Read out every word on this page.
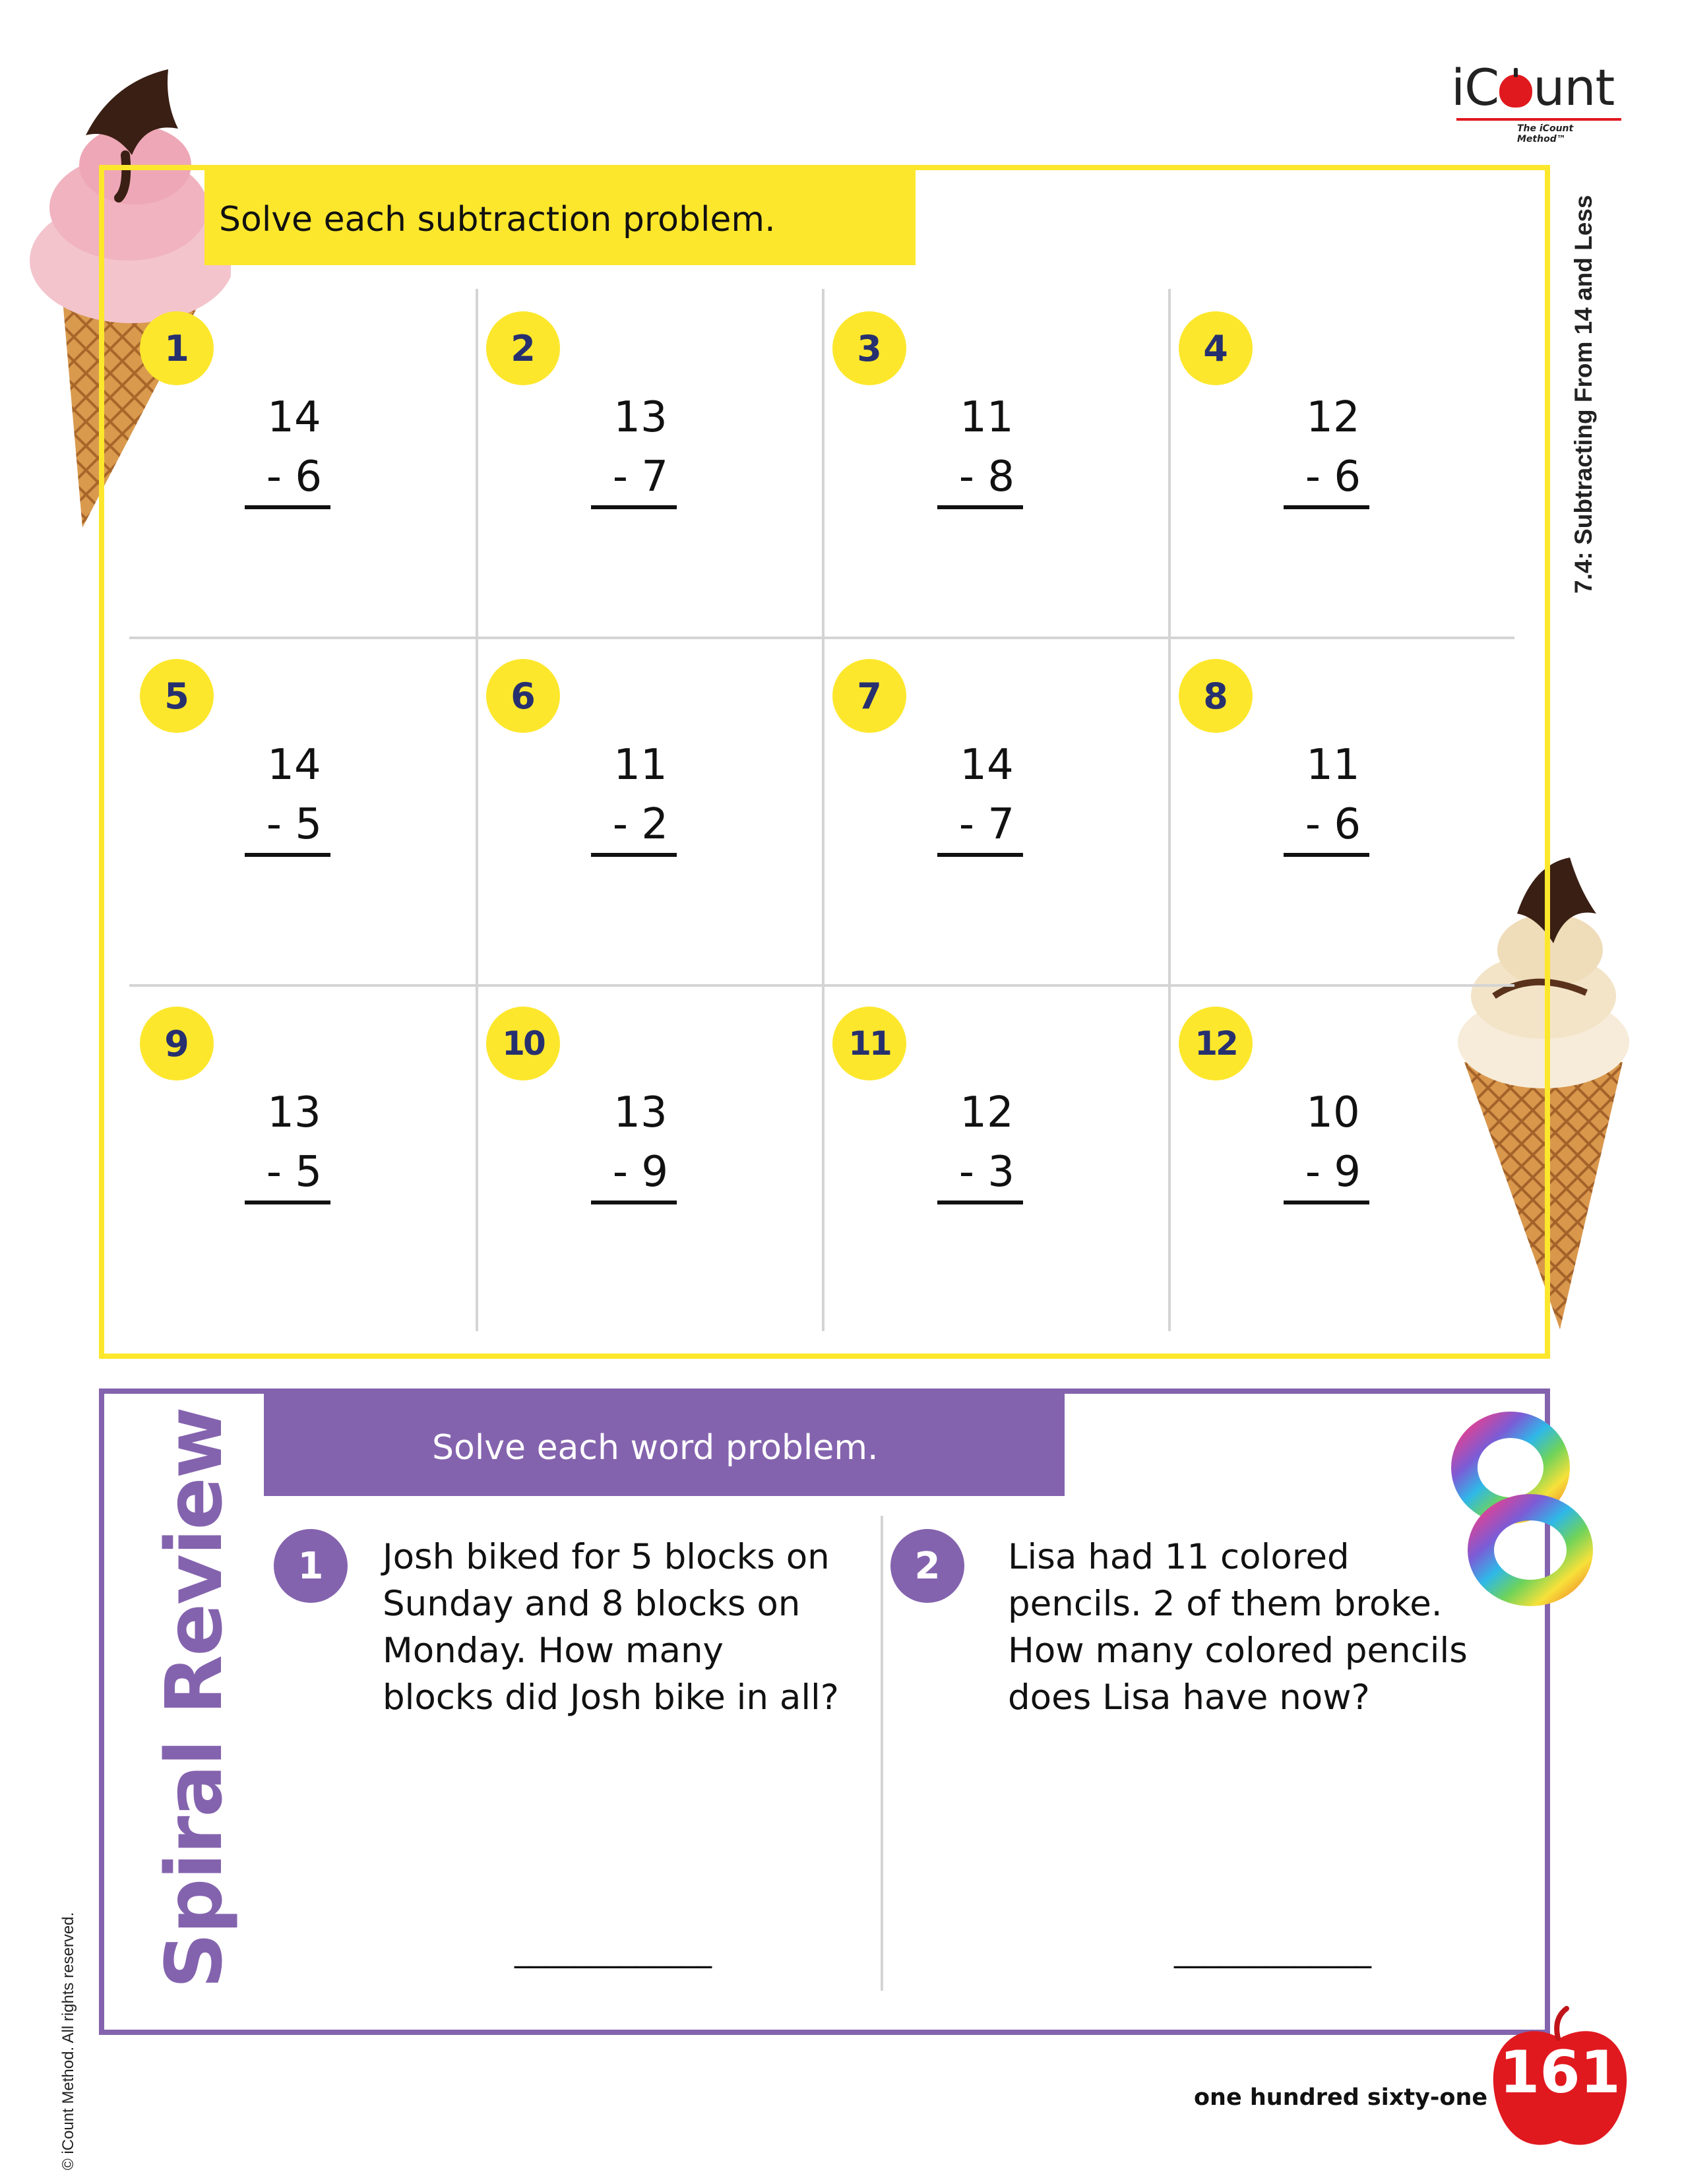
iC unt
The iCount Method™
7.4: Subtracting From 14 and Less
Solve each subtraction problem.
1
14
- 6
2
13
- 7
3
11
- 8
4
12
- 6
5
14
- 5
6
11
- 2
7
14
- 7
8
11
- 6
9
13
- 5
10
13
- 9
11
12
- 3
12
10
- 9
Spiral Review	Solve each word problem.
1	Josh biked for 5 blocks on Sunday and 8 blocks on Monday. How many blocks did Josh bike in all?
_____________
2	Lisa had 11 colored pencils. 2 of them broke. How many colored pencils does Lisa have now?
_____________
© iCount Method. All rights reserved.	one hundred sixty-one 161
